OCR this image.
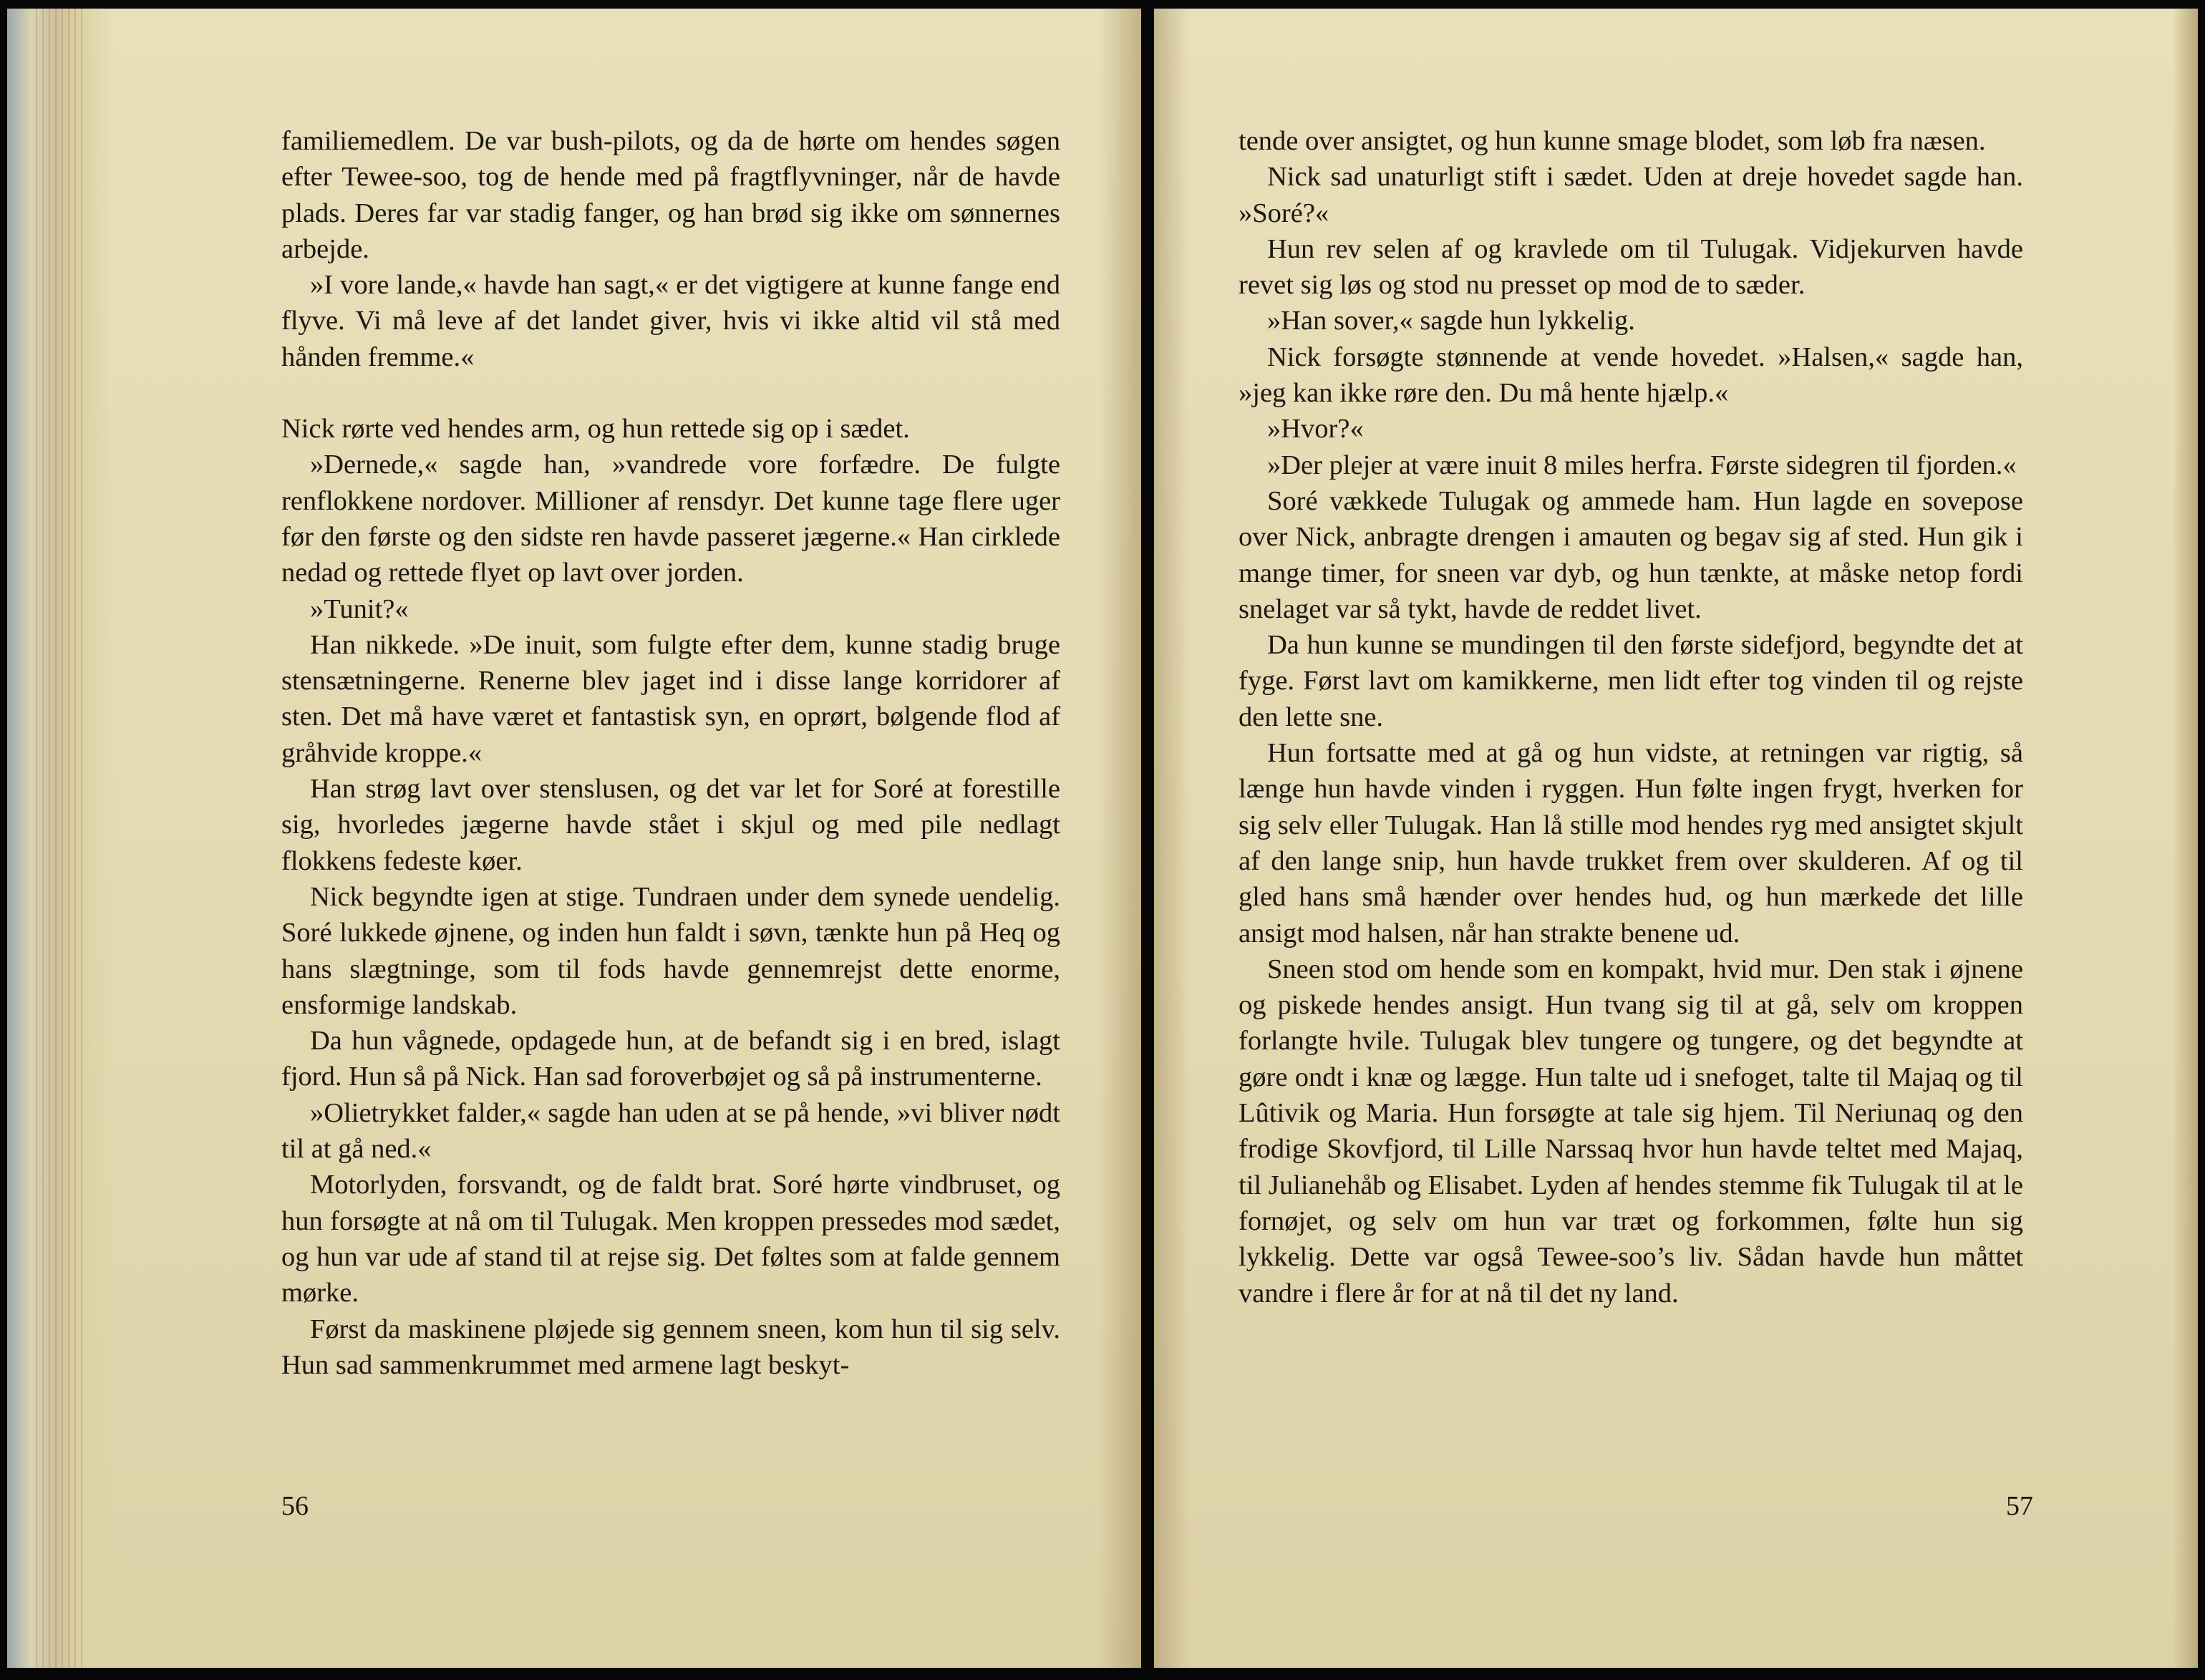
familiemedlem. De var bush-pilots, og da de hørte om hendes søgen efter Tewee-soo, tog de hende med på fragtflyvninger, når de havde plads. Deres far var stadig fanger, og han brød sig ikke om sønnernes arbejde.

»I vore lande,« havde han sagt,« er det vigtigere at kunne fange end flyve. Vi må leve af det landet giver, hvis vi ikke altid vil stå med hånden fremme.«

Nick rørte ved hendes arm, og hun rettede sig op i sædet.

»Dernede,« sagde han, »vandrede vore forfædre. De fulgte renflokkene nordover. Millioner af rensdyr. Det kunne tage flere uger før den første og den sidste ren havde passeret jægerne.« Han cirklede nedad og rettede flyet op lavt over jorden.

»Tunit?«

Han nikkede. »De inuit, som fulgte efter dem, kunne stadig bruge stensætningerne. Renerne blev jaget ind i disse lange korridorer af sten. Det må have været et fantastisk syn, en oprørt, bølgende flod af gråhvide kroppe.«

Han strøg lavt over stenslusen, og det var let for Soré at forestille sig, hvorledes jægerne havde stået i skjul og med pile nedlagt flokkens fedeste køer.

Nick begyndte igen at stige. Tundraen under dem synede uendelig. Soré lukkede øjnene, og inden hun faldt i søvn, tænkte hun på Heq og hans slægtninge, som til fods havde gennemrejst dette enorme, ensformige landskab.

Da hun vågnede, opdagede hun, at de befandt sig i en bred, islagt fjord. Hun så på Nick. Han sad foroverbøjet og så på instrumenterne.

»Olietrykket falder,« sagde han uden at se på hende, »vi bliver nødt til at gå ned.«

Motorlyden, forsvandt, og de faldt brat. Soré hørte vindbruset, og hun forsøgte at nå om til Tulugak. Men kroppen pressedes mod sædet, og hun var ude af stand til at rejse sig. Det føltes som at falde gennem mørke.

Først da maskinene pløjede sig gennem sneen, kom hun til sig selv. Hun sad sammenkrummet med armene lagt beskyt-

56

tende over ansigtet, og hun kunne smage blodet, som løb fra næsen.

Nick sad unaturligt stift i sædet. Uden at dreje hovedet sagde han. »Soré?«

Hun rev selen af og kravlede om til Tulugak. Vidjekurven havde revet sig løs og stod nu presset op mod de to sæder.

»Han sover,« sagde hun lykkelig.

Nick forsøgte stønnende at vende hovedet. »Halsen,« sagde han, »jeg kan ikke røre den. Du må hente hjælp.«

»Hvor?«

»Der plejer at være inuit 8 miles herfra. Første sidegren til fjorden.«

Soré vækkede Tulugak og ammede ham. Hun lagde en sovepose over Nick, anbragte drengen i amauten og begav sig af sted. Hun gik i mange timer, for sneen var dyb, og hun tænkte, at måske netop fordi snelaget var så tykt, havde de reddet livet.

Da hun kunne se mundingen til den første sidefjord, begyndte det at fyge. Først lavt om kamikkerne, men lidt efter tog vinden til og rejste den lette sne.

Hun fortsatte med at gå og hun vidste, at retningen var rigtig, så længe hun havde vinden i ryggen. Hun følte ingen frygt, hverken for sig selv eller Tulugak. Han lå stille mod hendes ryg med ansigtet skjult af den lange snip, hun havde trukket frem over skulderen. Af og til gled hans små hænder over hendes hud, og hun mærkede det lille ansigt mod halsen, når han strakte benene ud.

Sneen stod om hende som en kompakt, hvid mur. Den stak i øjnene og piskede hendes ansigt. Hun tvang sig til at gå, selv om kroppen forlangte hvile. Tulugak blev tungere og tungere, og det begyndte at gøre ondt i knæ og lægge. Hun talte ud i snefoget, talte til Majaq og til Lûtivik og Maria. Hun forsøgte at tale sig hjem. Til Neriunaq og den frodige Skovfjord, til Lille Narssaq hvor hun havde teltet med Majaq, til Julianehåb og Elisabet. Lyden af hendes stemme fik Tulugak til at le fornøjet, og selv om hun var træt og forkommen, følte hun sig lykkelig. Dette var også Tewee-soo’s liv. Sådan havde hun måttet vandre i flere år for at nå til det ny land.

57
